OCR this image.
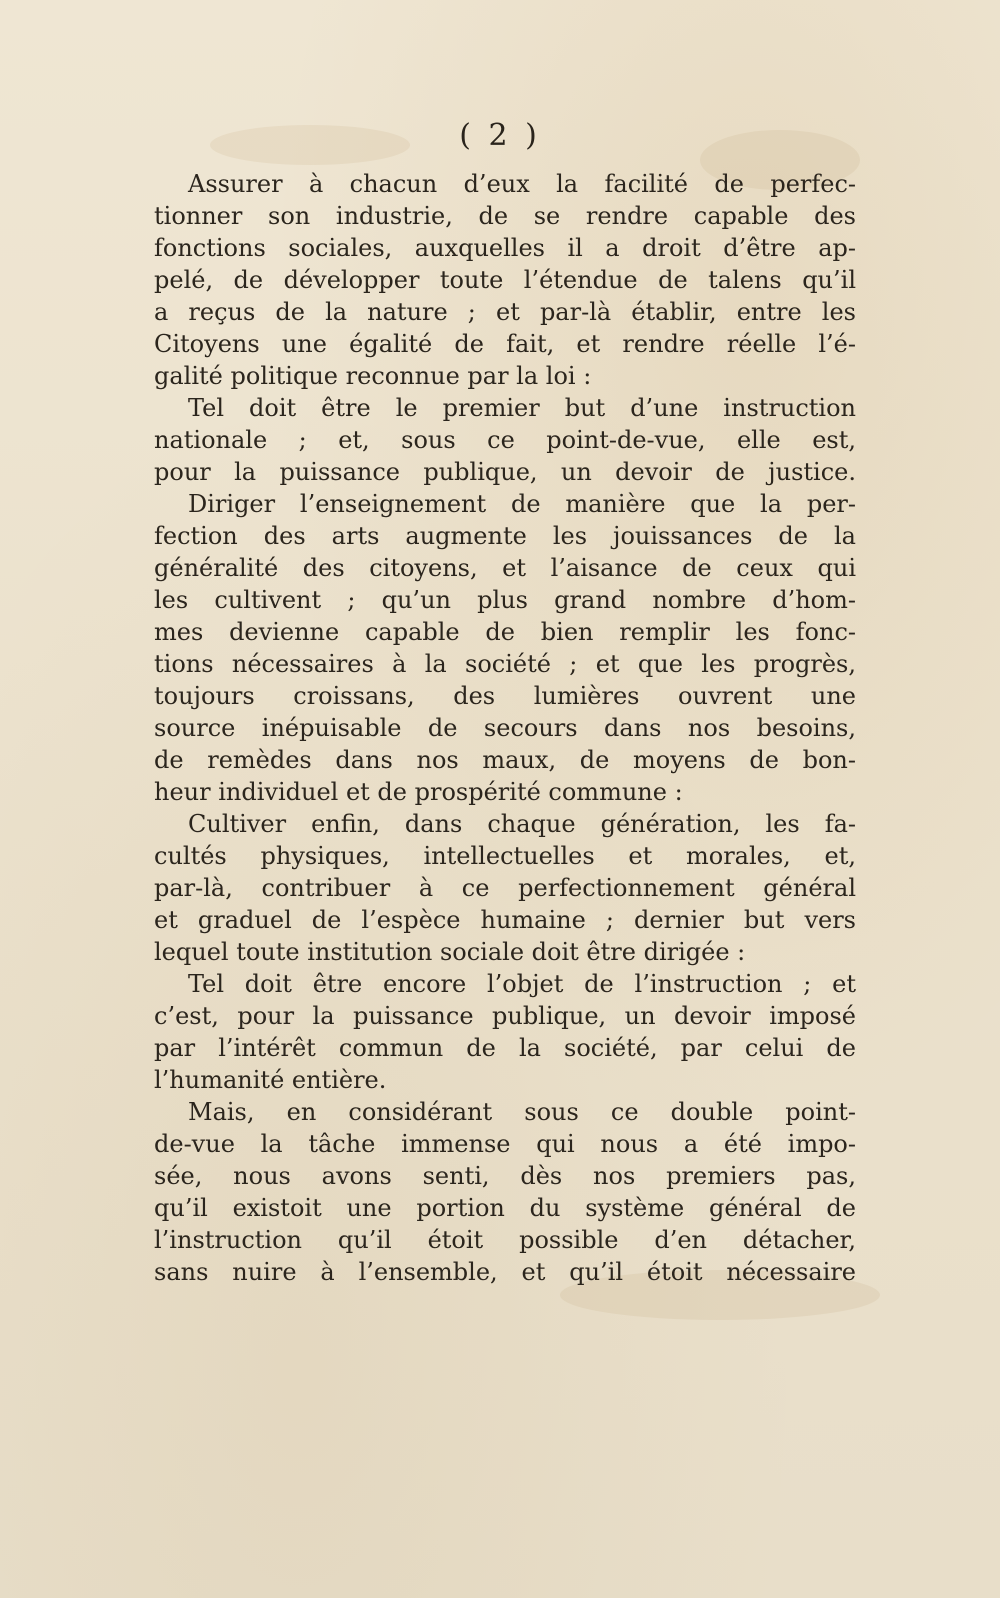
( 2 )
Assurer à chacun d’eux la facilité de perfec-
tionner son industrie, de se rendre capable des
fonctions sociales, auxquelles il a droit d’être ap-
pelé, de développer toute l’étendue de talens qu’il
a reçus de la nature ; et par-là établir, entre les
Citoyens une égalité de fait, et rendre réelle l’é-
galité politique reconnue par la loi :
Tel doit être le premier but d’une instruction
nationale ; et, sous ce point-de-vue, elle est,
pour la puissance publique, un devoir de justice.
Diriger l’enseignement de manière que la per-
fection des arts augmente les jouissances de la
généralité des citoyens, et l’aisance de ceux qui
les cultivent ; qu’un plus grand nombre d’hom-
mes devienne capable de bien remplir les fonc-
tions nécessaires à la société ; et que les progrès,
toujours croissans, des lumières ouvrent une
source inépuisable de secours dans nos besoins,
de remèdes dans nos maux, de moyens de bon-
heur individuel et de prospérité commune :
Cultiver enfin, dans chaque génération, les fa-
cultés physiques, intellectuelles et morales, et,
par-là, contribuer à ce perfectionnement général
et graduel de l’espèce humaine ; dernier but vers
lequel toute institution sociale doit être dirigée :
Tel doit être encore l’objet de l’instruction ; et
c’est, pour la puissance publique, un devoir imposé
par l’intérêt commun de la société, par celui de
l’humanité entière.
Mais, en considérant sous ce double point-
de-vue la tâche immense qui nous a été impo-
sée, nous avons senti, dès nos premiers pas,
qu’il existoit une portion du système général de
l’instruction qu’il étoit possible d’en détacher,
sans nuire à l’ensemble, et qu’il étoit nécessaire
